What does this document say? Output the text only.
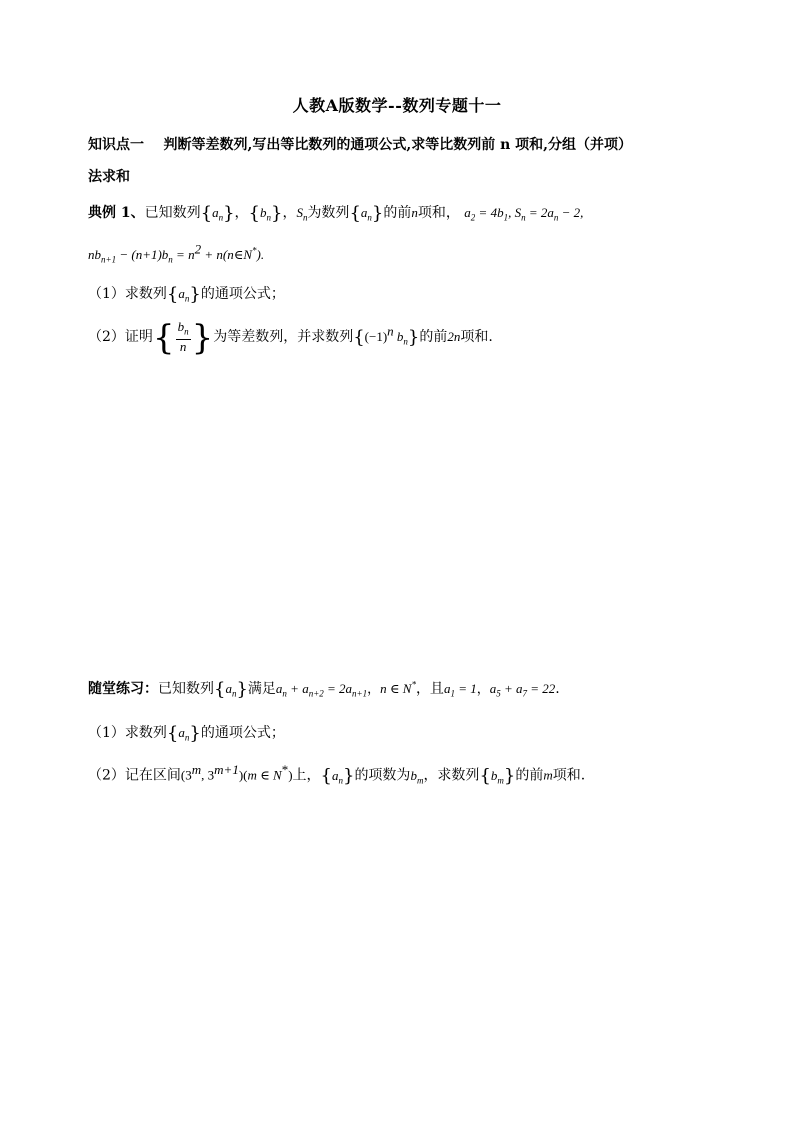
人教A版数学--数列专题十一
知识点一 判断等差数列,写出等比数列的通项公式,求等比数列前 n 项和,分组（并项）
法求和
典例 1、已知数列$\{a_n\}$，$\{b_n\}$，$S_n$为数列$\{a_n\}$的前n项和， $a_2 = 4b_1$, $S_n = 2a_n - 2$,
$nb_{n+1} - (n+1)b_n = n^2$ + n(n∈N*).
（1）求数列$\{a_n\}$的通项公式；
（2）证明{ $\frac{b_n}{n}$ }为等差数列，并求数列{$(-1)^n$ $b_n$}的前2n项和.
随堂练习：已知数列$\{a_n\}$满足$a_n + a_{n+2} = 2a_{n+1}$，n ∈ N*，且$a_1 = 1$，$a_5 + a_7 = 22$.
（1）求数列$\{a_n\}$的通项公式；
（2）记在区间(3$^m$, $3^{m+1})(m$ ∈ N*)上，$\{a_n\}$的项数为$b_m$，求数列$\{b_m\}$的前m项和.
